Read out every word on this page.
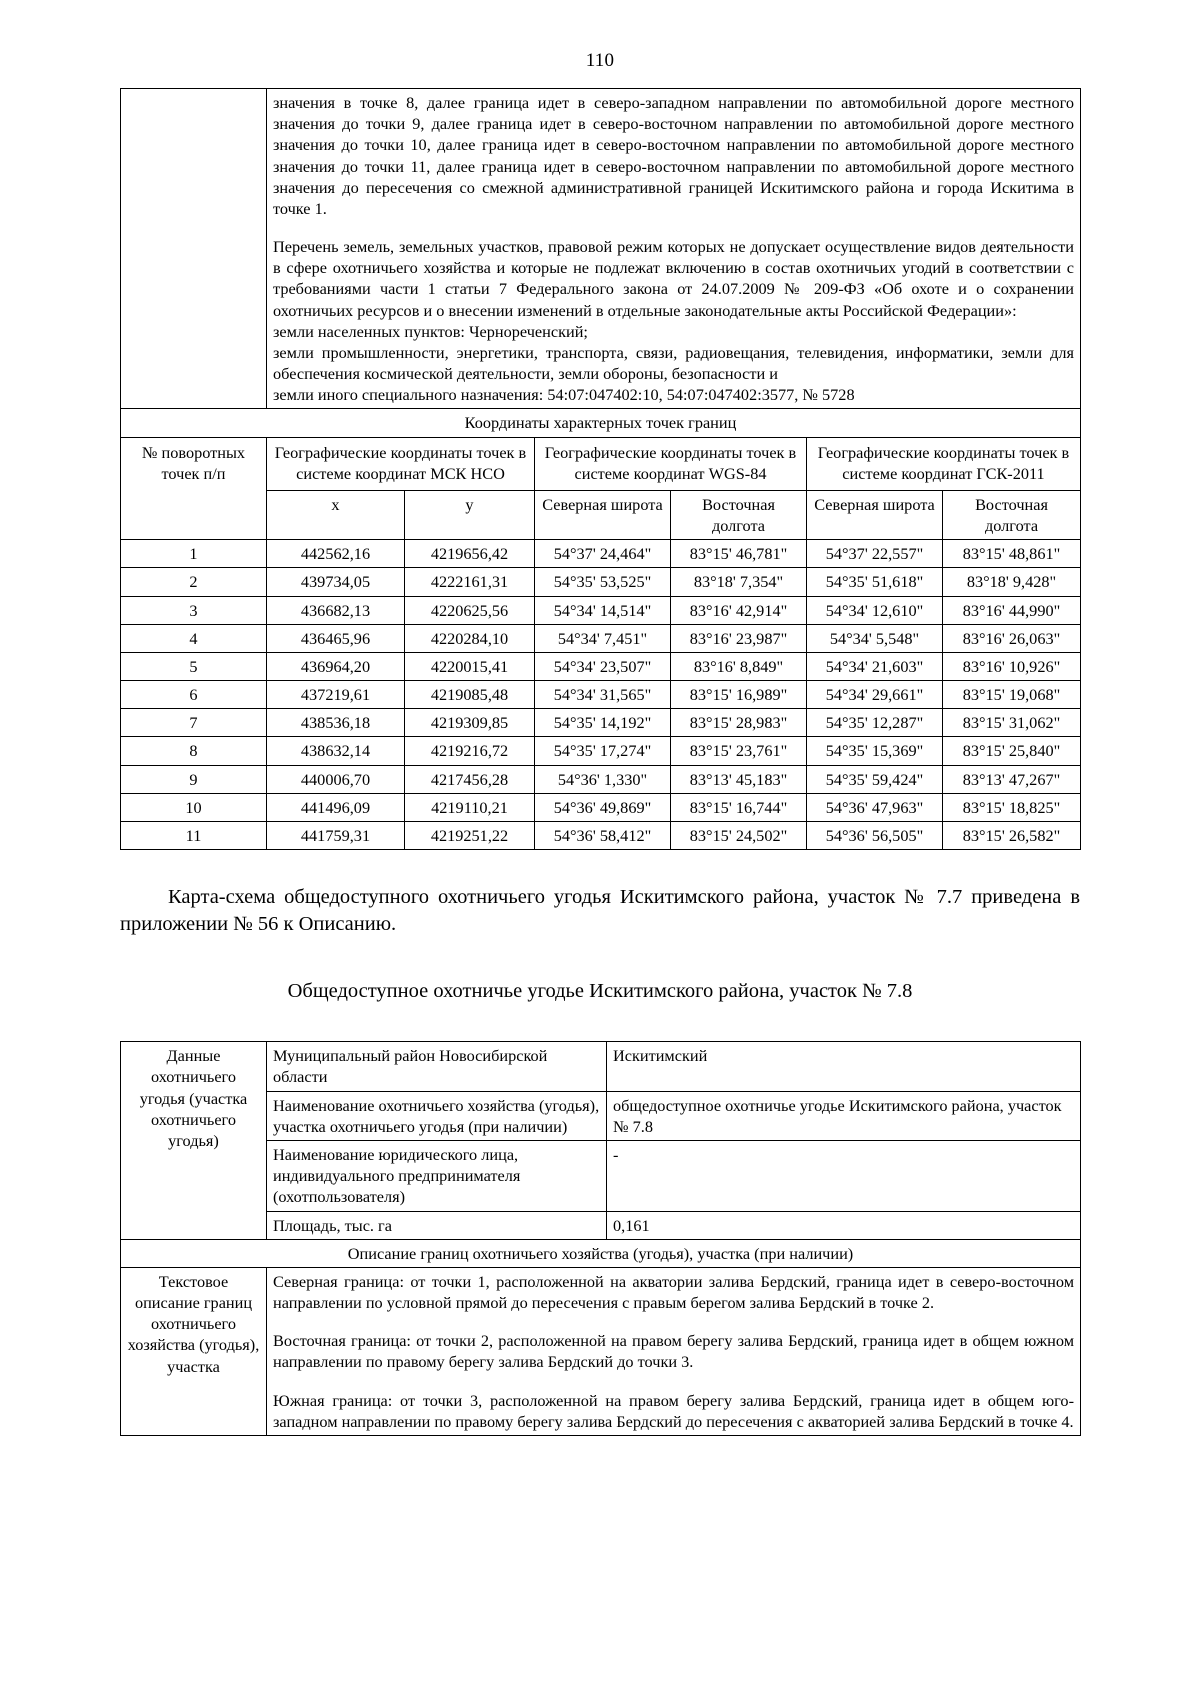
110

	значения в точке 8, далее граница идет в северо-западном направлении по автомобильной дороге местного значения до точки 9, далее граница идет в северо-восточном направлении по автомобильной дороге местного значения до точки 10, далее граница идет в северо-восточном направлении по автомобильной дороге местного значения до точки 11, далее граница идет в северо-восточном направлении по автомобильной дороге местного значения до пересечения со смежной административной границей Искитимского района и города Искитима в точке 1.

Перечень земель, земельных участков, правовой режим которых не допускает осуществление видов деятельности в сфере охотничьего хозяйства и которые не подлежат включению в состав охотничьих угодий в соответствии с требованиями части 1 статьи 7 Федерального закона от 24.07.2009 № 209-ФЗ «Об охоте и о сохранении охотничьих ресурсов и о внесении изменений в отдельные законодательные акты Российской Федерации»:

земли населенных пунктов: Чернореченский;

земли промышленности, энергетики, транспорта, связи, радиовещания, телевидения, информатики, земли для обеспечения космической деятельности, земли обороны, безопасности и

земли иного специального назначения: 54:07:047402:10, 54:07:047402:3577, № 5728					

Координаты характерных точек границ						
№ поворотных точек п/п	Географические координаты точек в системе координат МСК НСО		Географические координаты точек в системе координат WGS-84		Географические координаты точек в системе координат ГСК-2011	
	x	y	Северная широта	Восточная долгота	Северная широта	Восточная долгота
1	442562,16	4219656,42	54°37' 24,464"	83°15' 46,781"	54°37' 22,557"	83°15' 48,861"
2	439734,05	4222161,31	54°35' 53,525"	83°18' 7,354"	54°35' 51,618"	83°18' 9,428"
3	436682,13	4220625,56	54°34' 14,514"	83°16' 42,914"	54°34' 12,610"	83°16' 44,990"
4	436465,96	4220284,10	54°34' 7,451"	83°16' 23,987"	54°34' 5,548"	83°16' 26,063"
5	436964,20	4220015,41	54°34' 23,507"	83°16' 8,849"	54°34' 21,603"	83°16' 10,926"
6	437219,61	4219085,48	54°34' 31,565"	83°15' 16,989"	54°34' 29,661"	83°15' 19,068"
7	438536,18	4219309,85	54°35' 14,192"	83°15' 28,983"	54°35' 12,287"	83°15' 31,062"
8	438632,14	4219216,72	54°35' 17,274"	83°15' 23,761"	54°35' 15,369"	83°15' 25,840"
9	440006,70	4217456,28	54°36' 1,330"	83°13' 45,183"	54°35' 59,424"	83°13' 47,267"
10	441496,09	4219110,21	54°36' 49,869"	83°15' 16,744"	54°36' 47,963"	83°15' 18,825"
11	441759,31	4219251,22	54°36' 58,412"	83°15' 24,502"	54°36' 56,505"	83°15' 26,582"

Карта-схема общедоступного охотничьего угодья Искитимского района, участок № 7.7 приведена в приложении № 56 к Описанию.

Общедоступное охотничье угодье Искитимского района, участок № 7.8

Данные охотничьего угодья (участка охотничьего угодья)	Муниципальный район Новосибирской области	Искитимский
	Наименование охотничьего хозяйства (угодья), участка охотничьего угодья (при наличии)	общедоступное охотничье угодье Искитимского района, участок № 7.8
	Наименование юридического лица, индивидуального предпринимателя (охотпользователя)	-
	Площадь, тыс. га	0,161
Описание границ охотничьего хозяйства (угодья), участка (при наличии)		
Текстовое описание границ охотничьего хозяйства (угодья), участка	Северная граница: от точки 1, расположенной на акватории залива Бердский, граница идет в северо-восточном направлении по условной прямой до пересечения с правым берегом залива Бердский в точке 2.

Восточная граница: от точки 2, расположенной на правом берегу залива Бердский, граница идет в общем южном направлении по правому берегу залива Бердский до точки 3.

Южная граница: от точки 3, расположенной на правом берегу залива Бердский, граница идет в общем юго-западном направлении по правому берегу залива Бердский до пересечения с акваторией залива Бердский в точке 4.	
